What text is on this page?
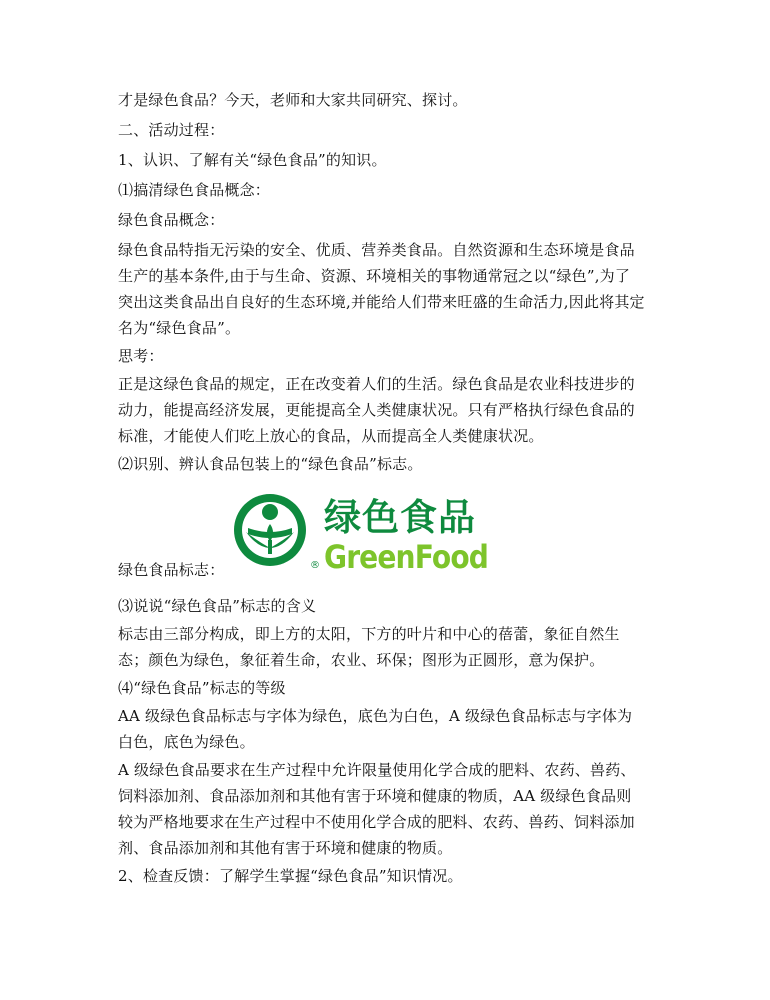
才是绿色食品？今天，老师和大家共同研究、探讨。
二、活动过程：
1、认识、了解有关“绿色食品”的知识。
⑴搞清绿色食品概念：
绿色食品概念：
绿色食品特指无污染的安全、优质、营养类食品。自然资源和生态环境是食品
生产的基本条件,由于与生命、资源、环境相关的事物通常冠之以“绿色”,为了
突出这类食品出自良好的生态环境,并能给人们带来旺盛的生命活力,因此将其定
名为“绿色食品”。
思考：
正是这绿色食品的规定，正在改变着人们的生活。绿色食品是农业科技进步的
动力，能提高经济发展，更能提高全人类健康状况。只有严格执行绿色食品的
标准，才能使人们吃上放心的食品，从而提高全人类健康状况。
⑵识别、辨认食品包装上的“绿色食品”标志。
®
绿色食品
GreenFood
绿色食品标志：
⑶说说“绿色食品”标志的含义
标志由三部分构成，即上方的太阳，下方的叶片和中心的蓓蕾，象征自然生
态；颜色为绿色，象征着生命，农业、环保；图形为正圆形，意为保护。
⑷“绿色食品”标志的等级
AA 级绿色食品标志与字体为绿色，底色为白色，A 级绿色食品标志与字体为
白色，底色为绿色。
A 级绿色食品要求在生产过程中允许限量使用化学合成的肥料、农药、兽药、
饲料添加剂、食品添加剂和其他有害于环境和健康的物质，AA 级绿色食品则
较为严格地要求在生产过程中不使用化学合成的肥料、农药、兽药、饲料添加
剂、食品添加剂和其他有害于环境和健康的物质。
2、检查反馈：了解学生掌握“绿色食品”知识情况。
